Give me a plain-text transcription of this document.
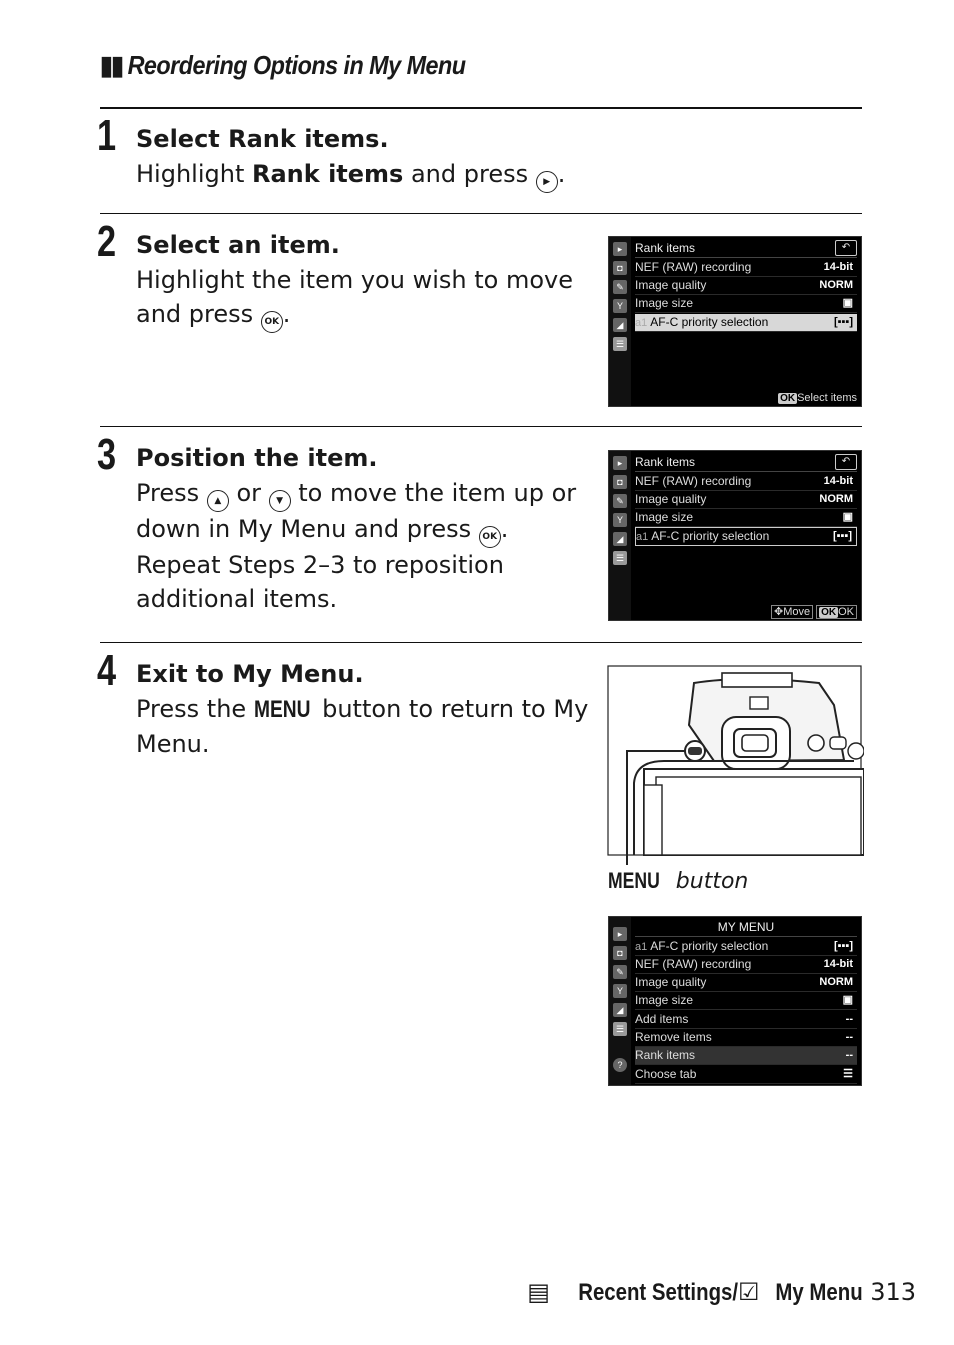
▮▮ Reordering Options in My Menu
1 Select Rank items.
Highlight Rank items and press ▶ .
2 Select an item.
Highlight the item you wish to move
and press OK .
▸
◘
✎
Y
◢
☰
Rank items	↶
NEF (RAW) recording	14-bit
Image quality	NORM
Image size	▣
a1 AF-C priority selection	[▪▪▪]
OK Select items
3 Position the item.
Press ▲ or ▼ to move the item up or
down in My Menu and press OK .
Repeat Steps 2–3 to reposition
additional items.
▸
◘
✎
Y
◢
☰
Rank items	↶
NEF (RAW) recording	14-bit
Image quality	NORM
Image size	▣
a1 AF-C priority selection	[▪▪▪]
✥Move OK OK
4 Exit to My Menu.
Press the MENU button to return to My
Menu.
MENU button
▸
◘
✎
Y
◢
☰
?
MY MENU
a1 AF-C priority selection	[▪▪▪]
NEF (RAW) recording	14-bit
Image quality	NORM
Image size	▣
Add items	--
Remove items	--
Rank items	--
Choose tab	☰
▤ Recent Settings/☑ My Menu 313
